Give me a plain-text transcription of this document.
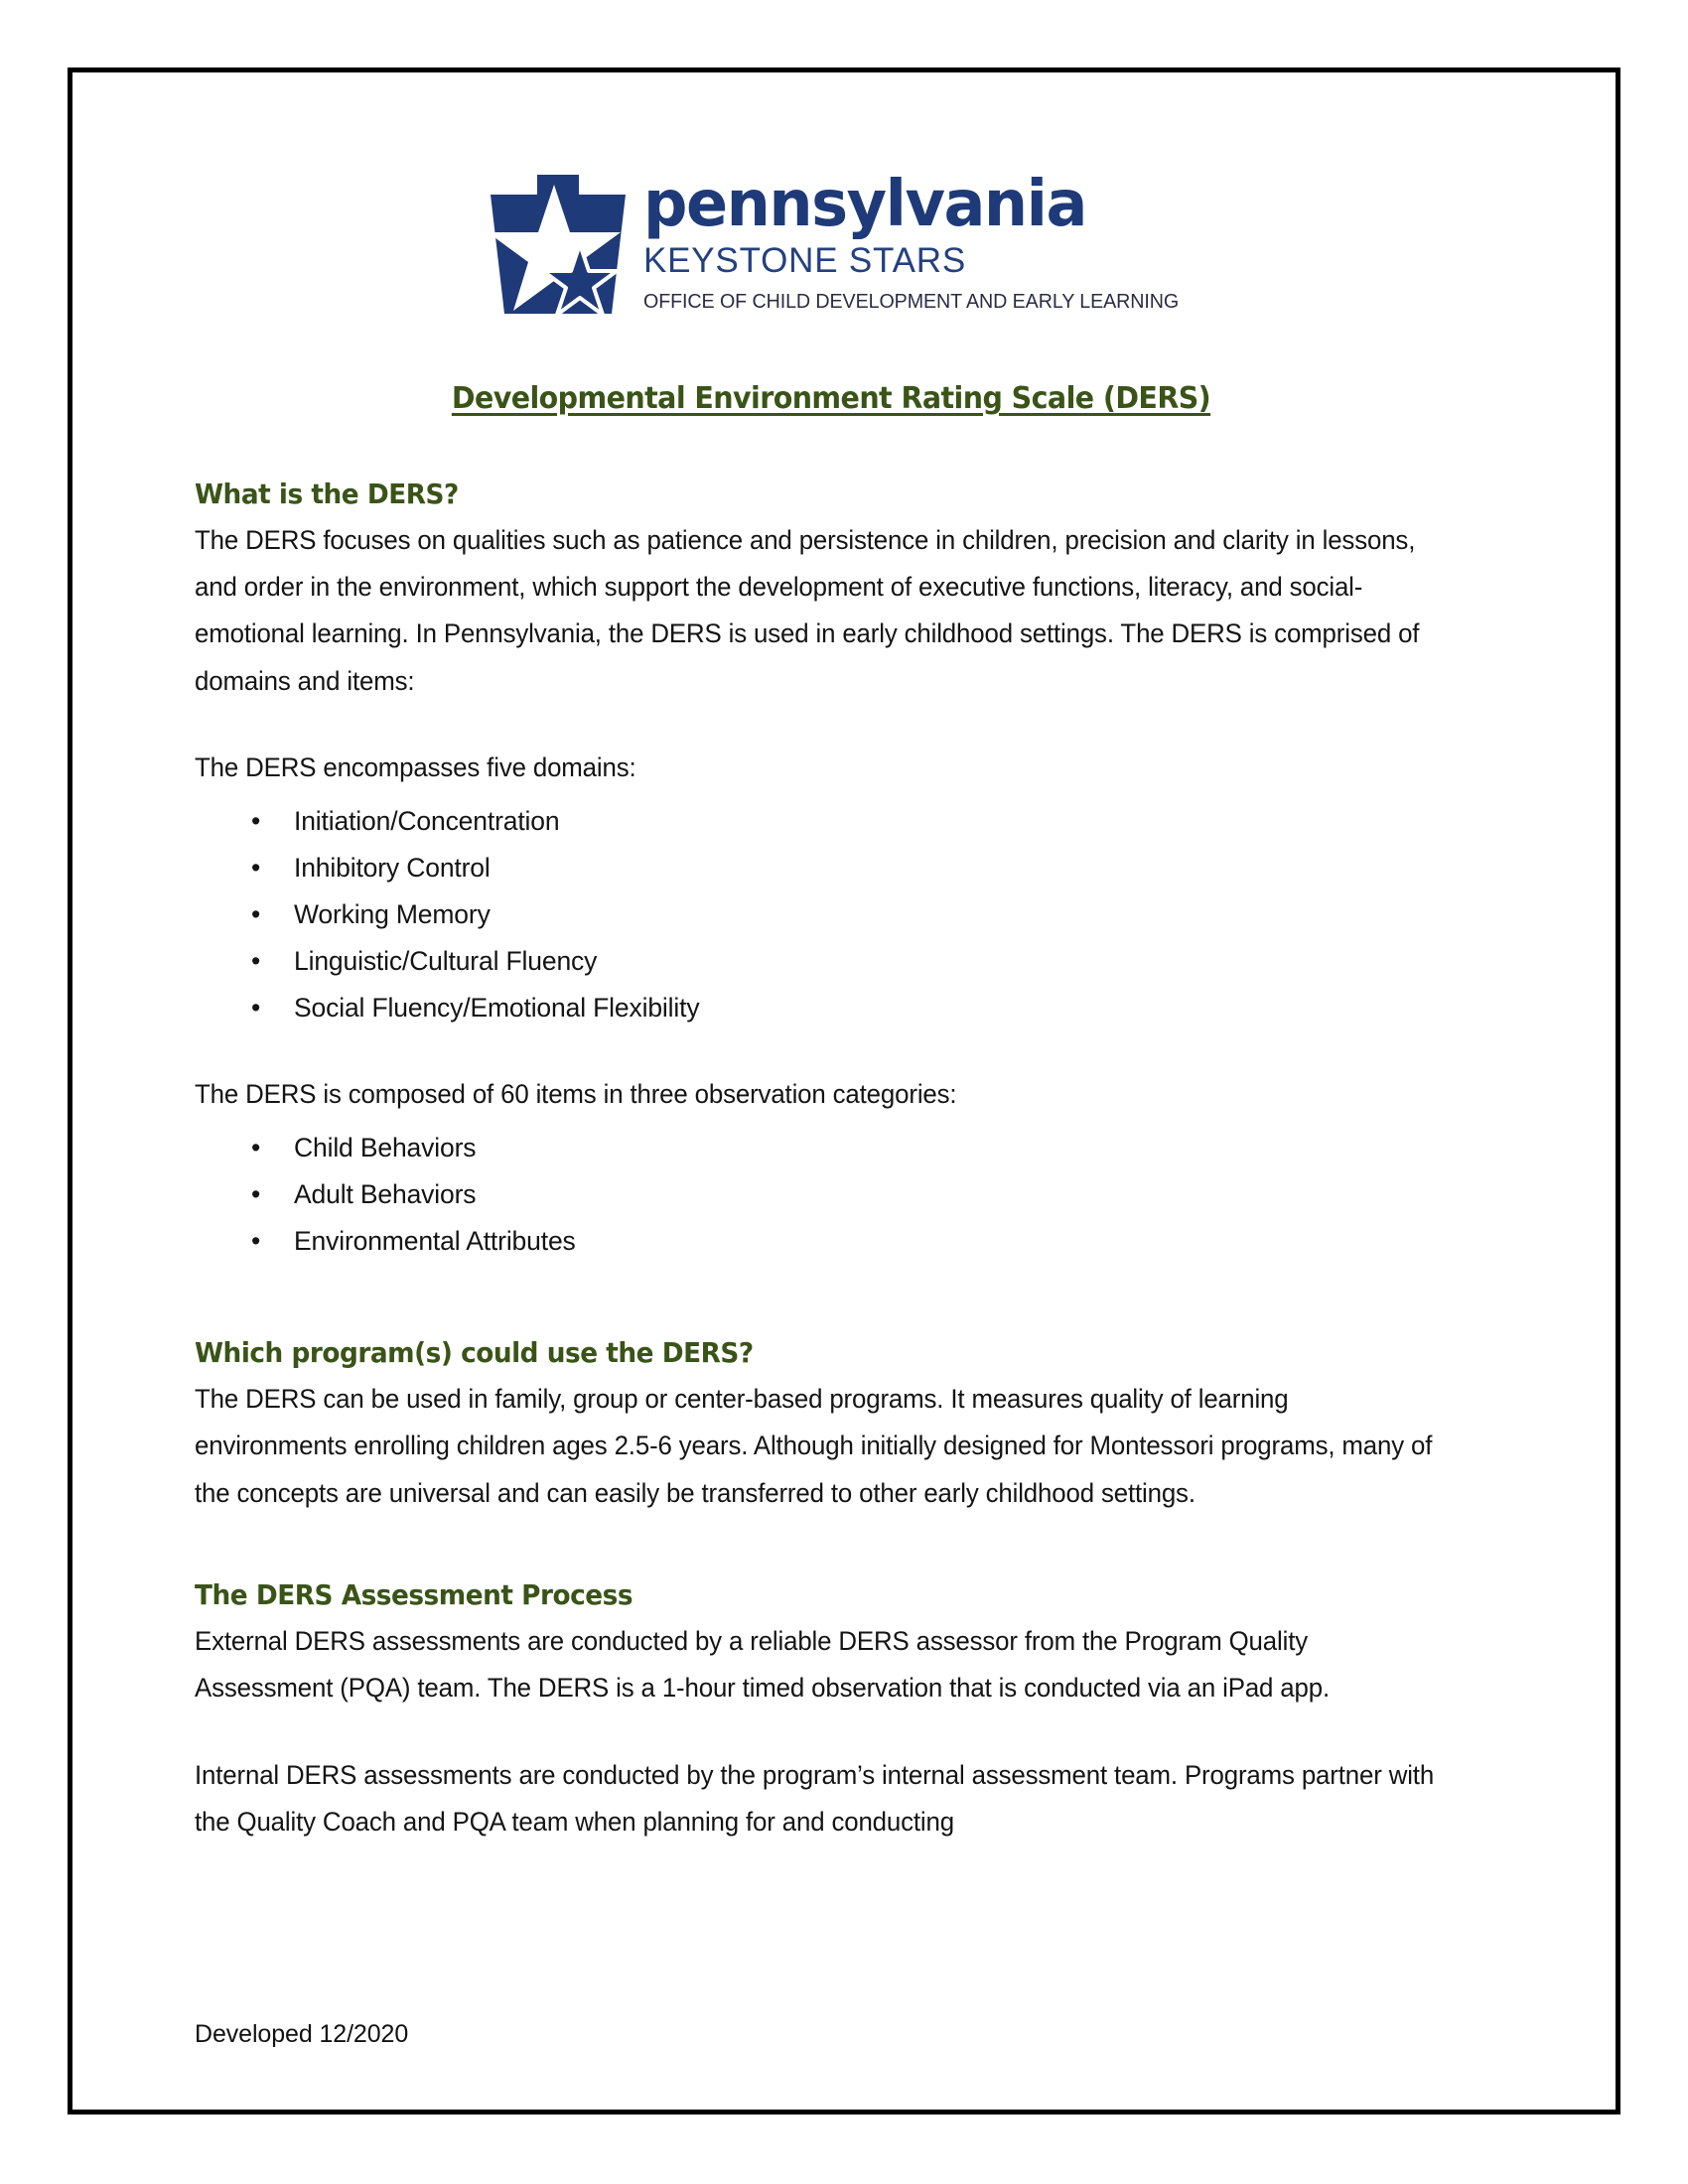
pennsylvania
KEYSTONE STARS
OFFICE OF CHILD DEVELOPMENT AND EARLY LEARNING
Developmental Environment Rating Scale (DERS)
What is the DERS?

The DERS focuses on qualities such as patience and persistence in children, precision and clarity in lessons, and order in the environment, which support the development of executive functions, literacy, and social-emotional learning. In Pennsylvania, the DERS is used in early childhood settings. The DERS is comprised of domains and items:

The DERS encompasses five domains:

• Initiation/Concentration
• Inhibitory Control
• Working Memory
• Linguistic/Cultural Fluency
• Social Fluency/Emotional Flexibility

The DERS is composed of 60 items in three observation categories:

• Child Behaviors
• Adult Behaviors
• Environmental Attributes
Which program(s) could use the DERS?

The DERS can be used in family, group or center-based programs. It measures quality of learning environments enrolling children ages 2.5-6 years. Although initially designed for Montessori programs, many of the concepts are universal and can easily be transferred to other early childhood settings.

The DERS Assessment Process

External DERS assessments are conducted by a reliable DERS assessor from the Program Quality Assessment (PQA) team. The DERS is a 1-hour timed observation that is conducted via an iPad app.

Internal DERS assessments are conducted by the program’s internal assessment team. Programs partner with the Quality Coach and PQA team when planning for and conducting

Developed 12/2020
